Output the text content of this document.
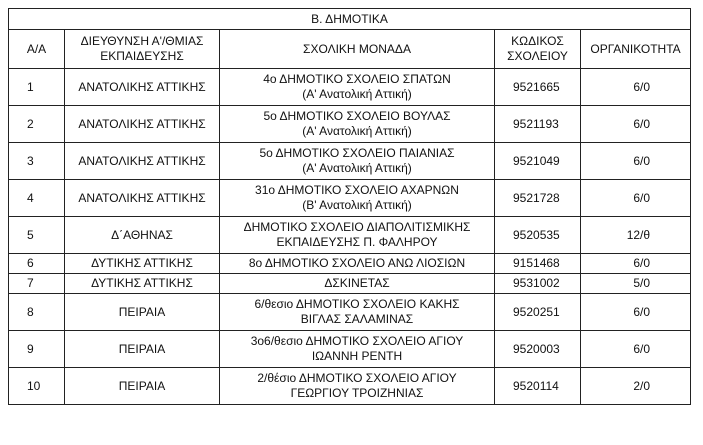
Β. ΔΗΜΟΤΙΚΑ				
Α/Α	ΔΙΕΥΘΥΝΣΗ Α'/ΘΜΙΑΣ ΕΚΠΑΙΔΕΥΣΗΣ	ΣΧΟΛΙΚΗ ΜΟΝΑΔΑ	ΚΩΔΙΚΟΣ ΣΧΟΛΕΙΟΥ	ΟΡΓΑΝΙΚΟΤΗΤΑ
1	ΑΝΑΤΟΛΙΚΗΣ ΑΤΤΙΚΗΣ	4ο ΔΗΜΟΤΙΚΟ ΣΧΟΛΕΙΟ ΣΠΑΤΩΝ
(Α' Ανατολική Αττική)	9521665	6/0
2	ΑΝΑΤΟΛΙΚΗΣ ΑΤΤΙΚΗΣ	5ο ΔΗΜΟΤΙΚΟ ΣΧΟΛΕΙΟ ΒΟΥΛΑΣ
(Α' Ανατολική Αττική)	9521193	6/0
3	ΑΝΑΤΟΛΙΚΗΣ ΑΤΤΙΚΗΣ	5ο ΔΗΜΟΤΙΚΟ ΣΧΟΛΕΙΟ ΠΑΙΑΝΙΑΣ
(Α' Ανατολική Αττική)	9521049	6/0
4	ΑΝΑΤΟΛΙΚΗΣ ΑΤΤΙΚΗΣ	31ο ΔΗΜΟΤΙΚΟ ΣΧΟΛΕΙΟ ΑΧΑΡΝΩΝ
(Β' Ανατολική Αττική)	9521728	6/0
5	Δ΄ΑΘΗΝΑΣ	ΔΗΜΟΤΙΚΟ ΣΧΟΛΕΙΟ ΔΙΑΠΟΛΙΤΙΣΜΙΚΗΣ
ΕΚΠΑΙΔΕΥΣΗΣ Π. ΦΑΛΗΡΟΥ	9520535	12/θ
6	ΔΥΤΙΚΗΣ ΑΤΤΙΚΗΣ	8ο ΔΗΜΟΤΙΚΟ ΣΧΟΛΕΙΟ ΑΝΩ ΛΙΟΣΙΩΝ	9151468	6/0
7	ΔΥΤΙΚΗΣ ΑΤΤΙΚΗΣ	ΔΣΚΙΝΕΤΑΣ	9531002	5/0
8	ΠΕΙΡΑΙΑ	6/θεσιο ΔΗΜΟΤΙΚΟ ΣΧΟΛΕΙΟ ΚΑΚΗΣ
ΒΙΓΛΑΣ ΣΑΛΑΜΙΝΑΣ	9520251	6/0
9	ΠΕΙΡΑΙΑ	3ο6/θεσιο ΔΗΜΟΤΙΚΟ ΣΧΟΛΕΙΟ ΑΓΙΟΥ
ΙΩΑΝΝΗ ΡΕΝΤΗ	9520003	6/0
10	ΠΕΙΡΑΙΑ	2/θέσιο ΔΗΜΟΤΙΚΟ ΣΧΟΛΕΙΟ ΑΓΙΟΥ
ΓΕΩΡΓΙΟΥ ΤΡΟΙΖΗΝΙΑΣ	9520114	2/0
